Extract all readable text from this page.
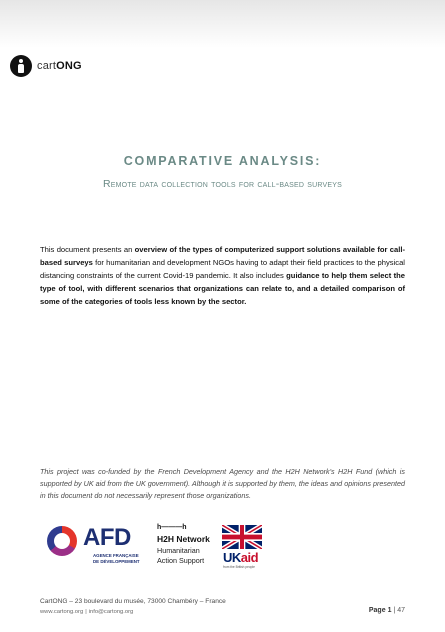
cartONG
COMPARATIVE ANALYSIS:
Remote data collection tools for call-based surveys
This document presents an overview of the types of computerized support solutions available for call-based surveys for humanitarian and development NGOs having to adapt their field practices to the physical distancing constraints of the current Covid-19 pandemic. It also includes guidance to help them select the type of tool, with different scenarios that organizations can relate to, and a detailed comparison of some of the categories of tools less known by the sector.
This project was co-funded by the French Development Agency and the H2H Network’s H2H Fund (which is supported by UK aid from the UK government). Although it is supported by them, the ideas and opinions presented in this document do not necessarily represent those organizations.
AFD
AGENCE FRANÇAISE
DE DÉVELOPPEMENT
h———h
H2H Network
Humanitarian
Action Support UKaid
from the British people
CartONG – 23 boulevard du musée, 73000 Chambéry – France
www.cartong.org | info@cartong.org	Page 1 | 47
